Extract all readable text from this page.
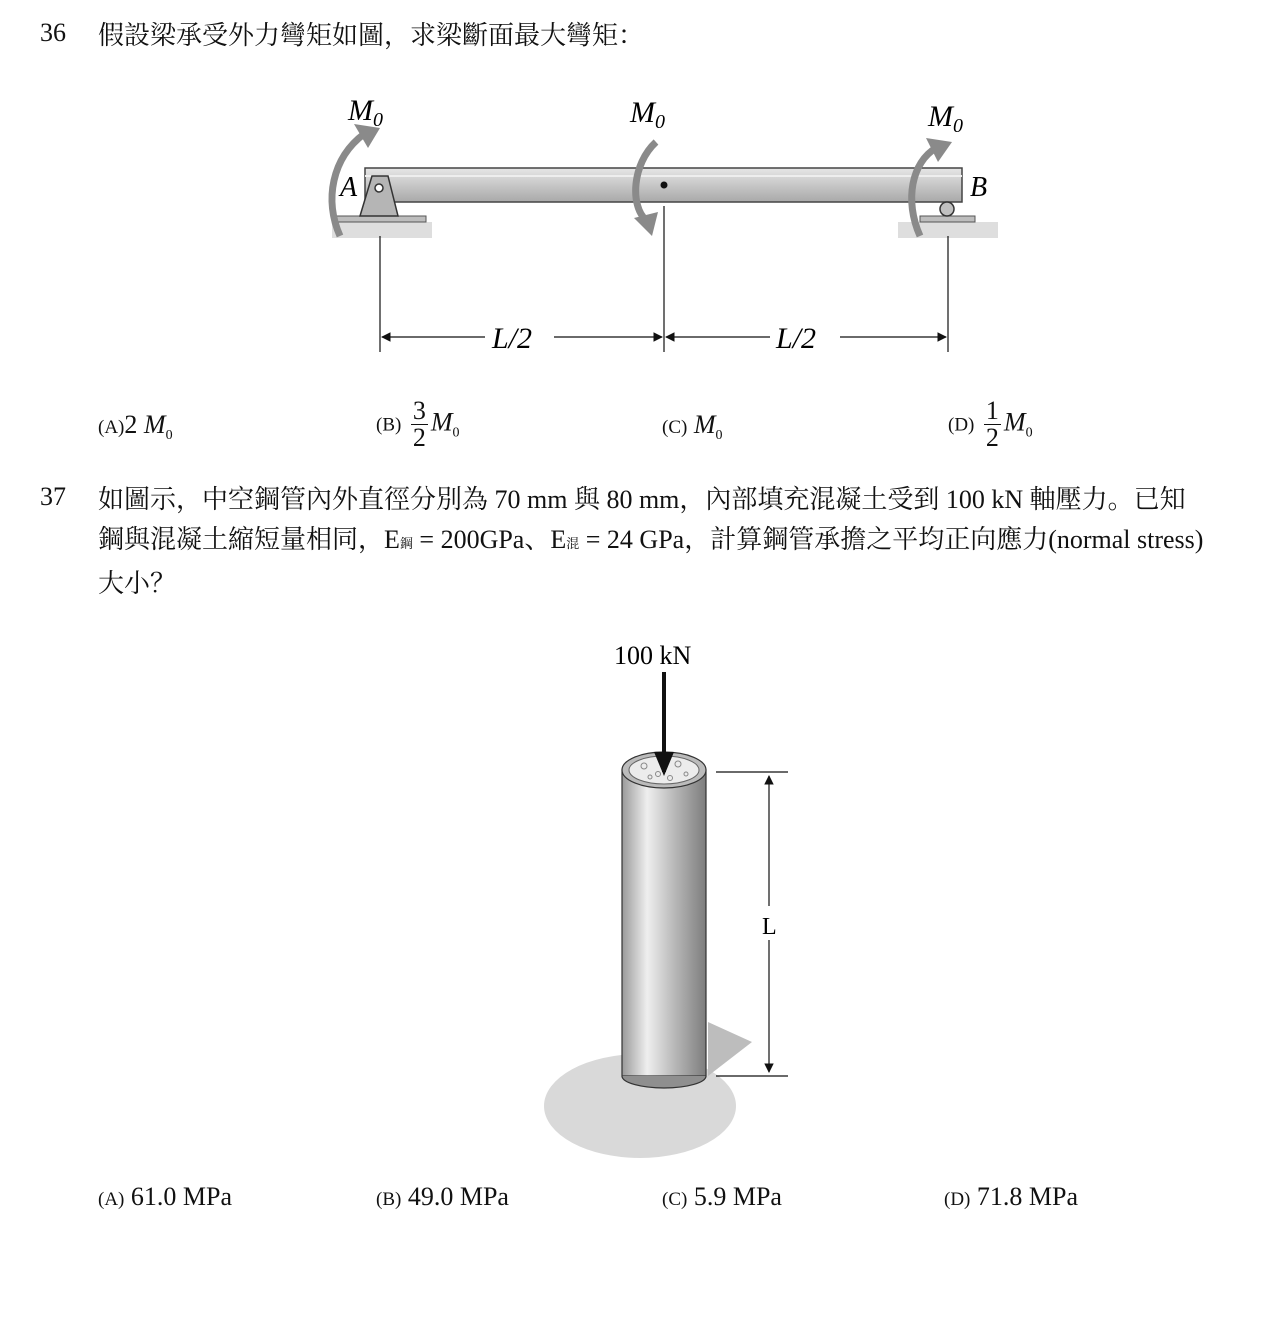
36 假設梁承受外力彎矩如圖，求梁斷面最大彎矩：
$M_0$	$M_0$	$M_0$
A	B
L/2	L/2
(A)2 $M_0$
$(B) \frac{3}{2} M_0$	(C) $M_0$
$(D) \frac{1}{2} M_0$
37 如圖示，中空鋼管內外直徑分別為 70 mm 與 80 mm，內部填充混凝土受到 100 kN 軸壓力。已知
鋼與混凝土縮短量相同，E鋼 = 200GPa、E混 = 24 GPa，計算鋼管承擔之平均正向應力(normal stress)
大小？
100 kN
L
(A) 61.0 MPa	(B) 49.0 MPa	(C) 5.9 MPa	(D) 71.8 MPa
